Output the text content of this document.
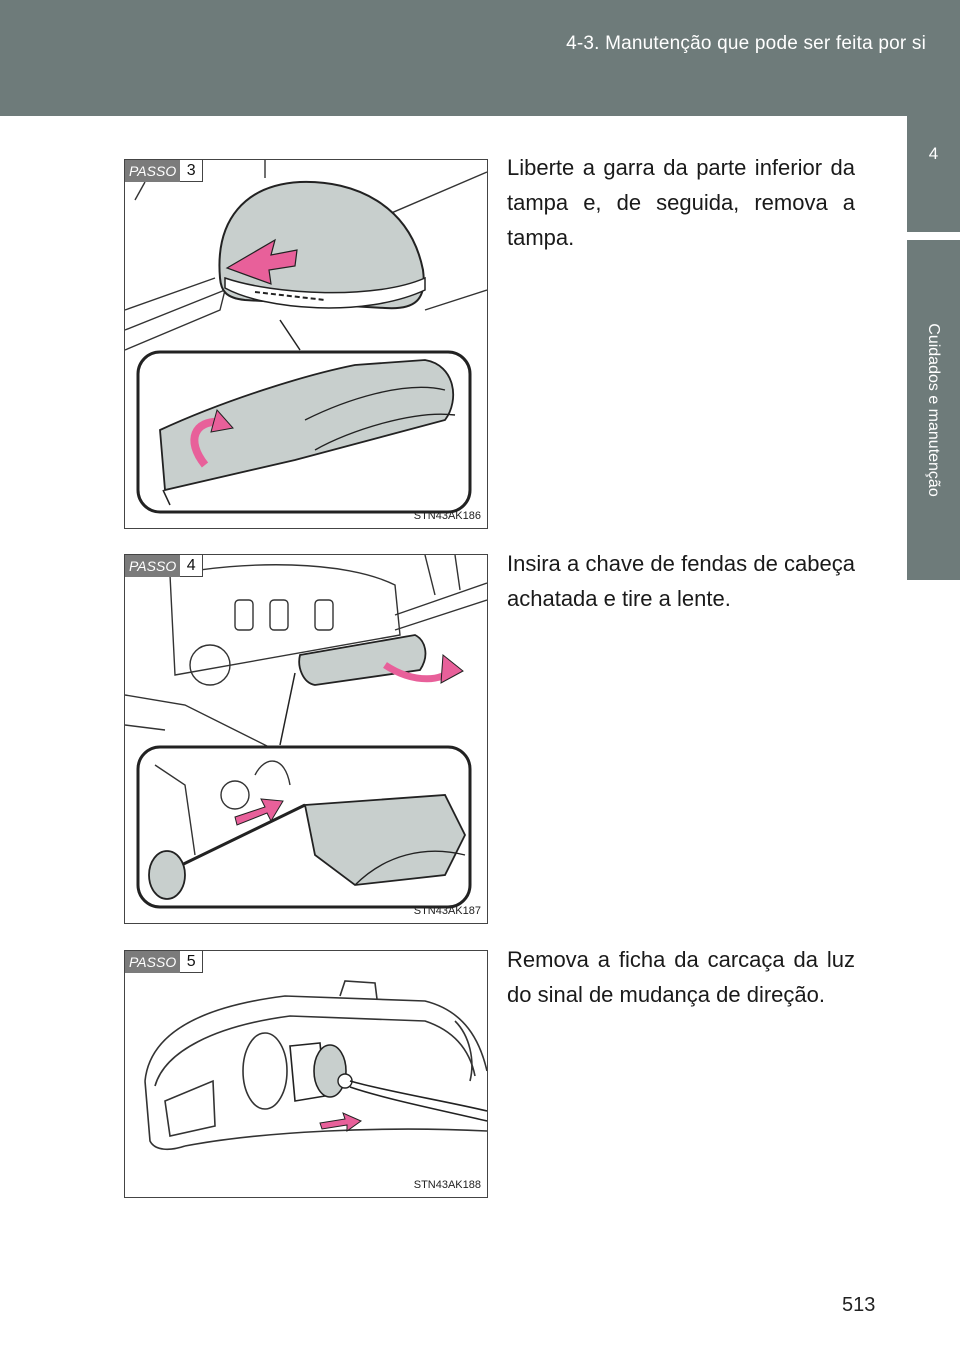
4-3. Manutenção que pode ser feita por si
4
Cuidados e manutenção
PASSO 3
STN43AK186
Liberte a garra da parte inferior da tampa e, de seguida, remova a tampa.
PASSO 4
STN43AK187
Insira a chave de fendas de cabeça achatada e tire a lente.
PASSO 5
STN43AK188
Remova a ficha da carcaça da luz do sinal de mudança de direção.
513
